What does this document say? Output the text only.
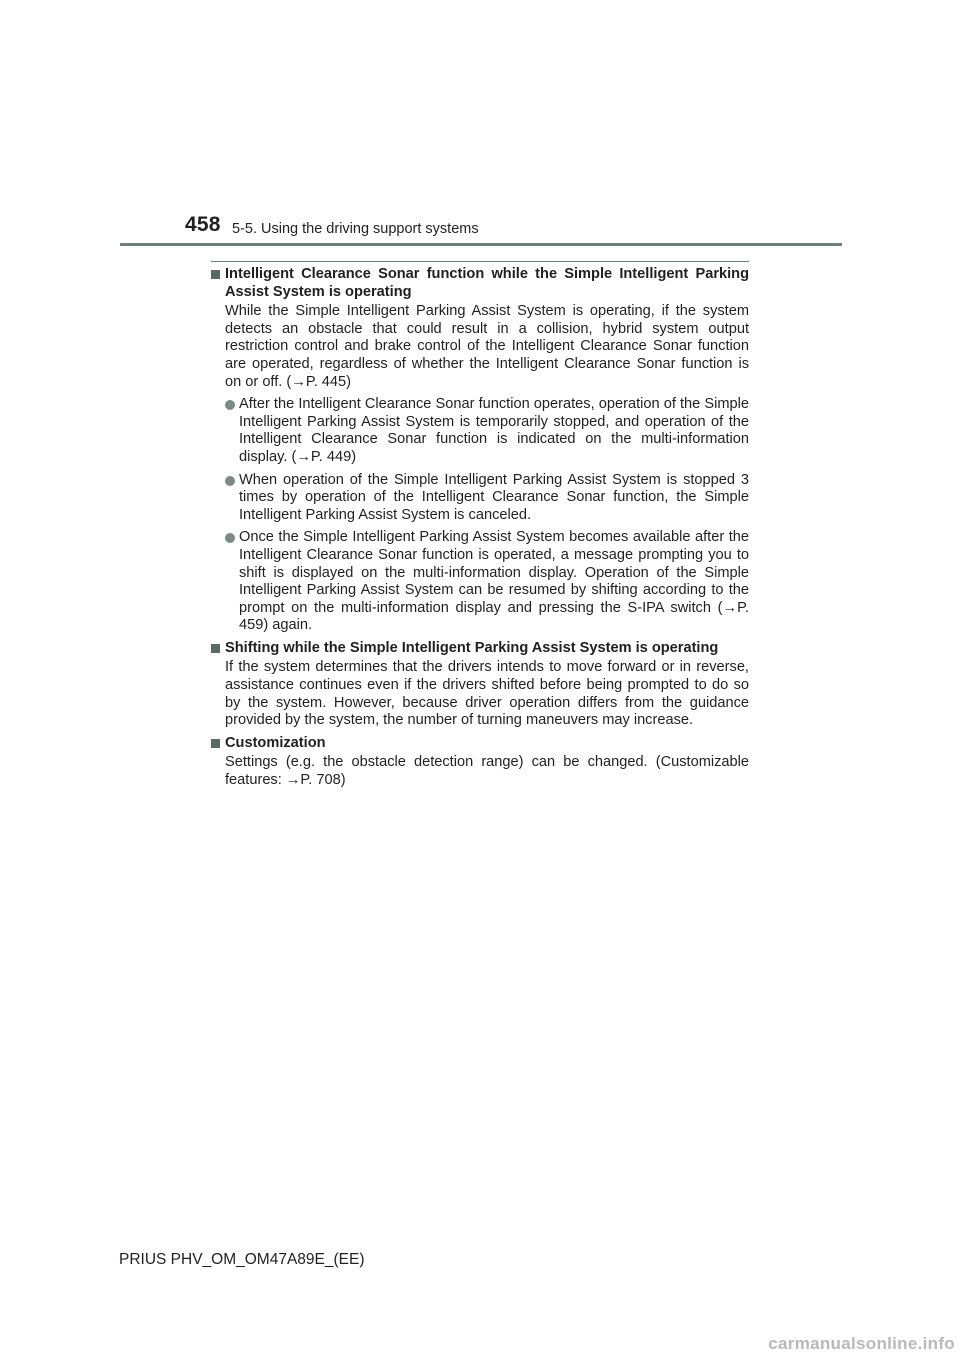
458 5-5. Using the driving support systems
Intelligent Clearance Sonar function while the Simple Intelligent Parking Assist System is operating
While the Simple Intelligent Parking Assist System is operating, if the system detects an obstacle that could result in a collision, hybrid system output restriction control and brake control of the Intelligent Clearance Sonar function are operated, regardless of whether the Intelligent Clearance Sonar function is on or off. (→P. 445)
After the Intelligent Clearance Sonar function operates, operation of the Simple Intelligent Parking Assist System is temporarily stopped, and operation of the Intelligent Clearance Sonar function is indicated on the multi-information display. (→P. 449)
When operation of the Simple Intelligent Parking Assist System is stopped 3 times by operation of the Intelligent Clearance Sonar function, the Simple Intelligent Parking Assist System is canceled.
Once the Simple Intelligent Parking Assist System becomes available after the Intelligent Clearance Sonar function is operated, a message prompting you to shift is displayed on the multi-information display. Operation of the Simple Intelligent Parking Assist System can be resumed by shifting according to the prompt on the multi-information display and pressing the S-IPA switch (→P. 459) again.
Shifting while the Simple Intelligent Parking Assist System is operating
If the system determines that the drivers intends to move forward or in reverse, assistance continues even if the drivers shifted before being prompted to do so by the system. However, because driver operation differs from the guidance provided by the system, the number of turning maneuvers may increase.
Customization
Settings (e.g. the obstacle detection range) can be changed. (Customizable features: →P. 708)
PRIUS PHV_OM_OM47A89E_(EE)
carmanualsonline.info
